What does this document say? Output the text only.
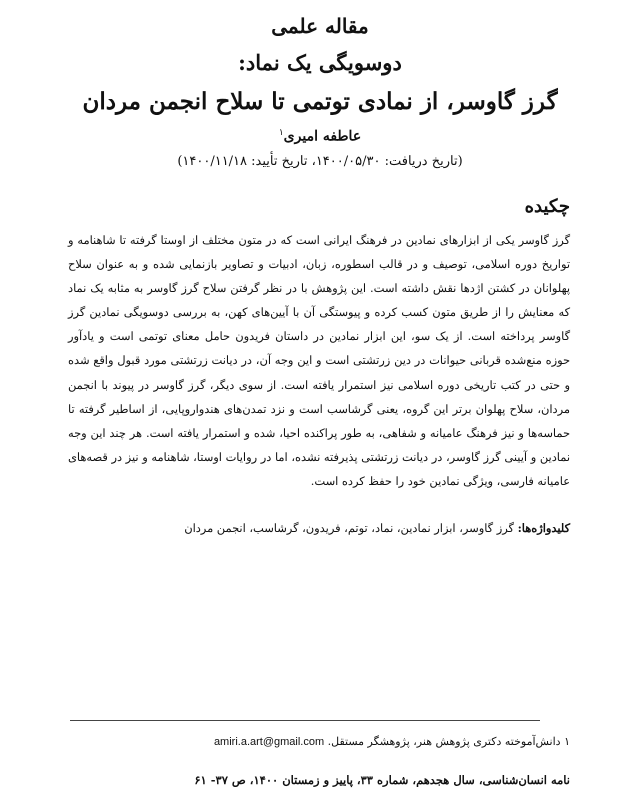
مقاله علمی
دوسویگی یک نماد:
گرز گاوسر، از نمادی توتمی تا سلاح انجمن مردان
عاطفه امیری$^۱$
(تاریخ دریافت: ۱۴۰۰/۰۵/۳۰، تاریخ تأیید: ۱۴۰۰/۱۱/۱۸)
چکیده

گرز گاوسر یکی از ابزارهای نمادین در فرهنگ ایرانی است که در متون مختلف از اوستا گرفته تا شاهنامه و تواریخ دوره اسلامی، توصیف و در قالب اسطوره، زبان، ادبیات و تصاویر بازنمایی شده و به عنوان سلاح پهلوانان در کشتن اژدها نقش داشته است. این پژوهش با در نظر گرفتن سلاح گرز گاوسر به مثابه یک نماد که معنایش را از طریق متون کسب کرده و پیوستگی آن با آیین‌های کهن، به بررسی دوسویگی نمادین گرز گاوسر پرداخته است. از یک سو، این ابزار نمادین در داستان فریدون حامل معنای توتمی است و یادآور حوزه منع‌شده قربانی حیوانات در دین زرتشتی است و این وجه آن، در دیانت زرتشتی مورد قبول واقع شده و حتی در کتب تاریخی دوره اسلامی نیز استمرار یافته است. از سوی دیگر، گرز گاوسر در پیوند با انجمن مردان، سلاح پهلوان برتر این گروه، یعنی گرشاسب است و نزد تمدن‌های هندواروپایی، از اساطیر گرفته تا حماسه‌ها و نیز فرهنگ عامیانه و شفاهی، به طور پراکنده احیا، شده و استمرار یافته است. هر چند این وجه نمادین و آیینی گرز گاوسر، در دیانت زرتشتی پذیرفته نشده، اما در روایات اوستا، شاهنامه و نیز در قصه‌های عامیانه فارسی، ویژگی نمادین خود را حفظ کرده است.

کلیدواژه‌ها: گرز گاوسر، ابزار نمادین، نماد، توتم، فریدون، گرشاسب، انجمن مردان
۱ دانش‌آموخته دکتری پژوهش هنر، پژوهشگر مستقل. amiri.a.art@gmail.com
نامه انسان‌شناسی، سال هجدهم، شماره ۳۳، پاییز و زمستان ۱۴۰۰، ص ۳۷- ۶۱
